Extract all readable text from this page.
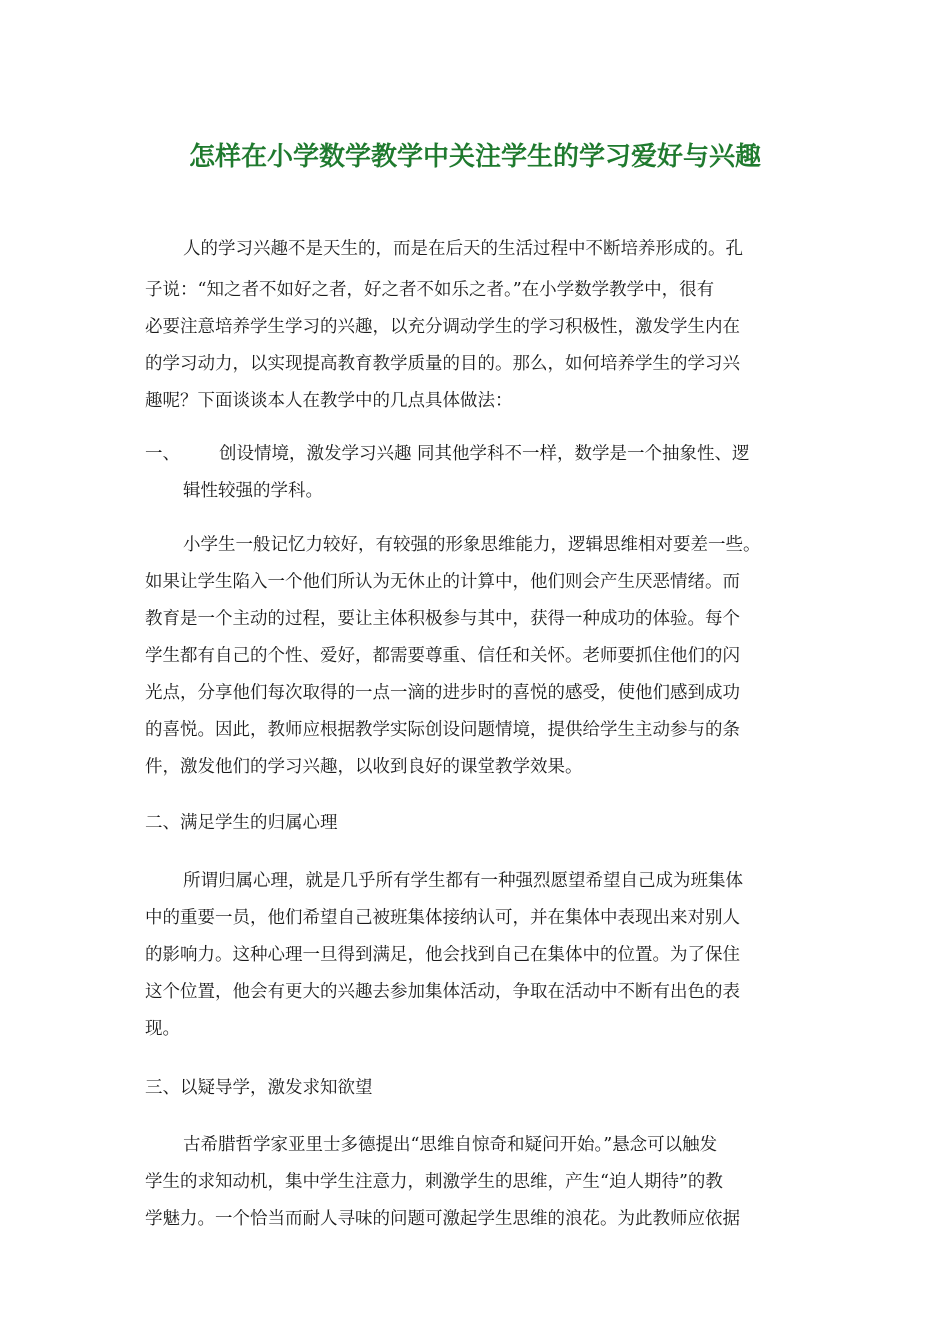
怎样在小学数学教学中关注学生的学习爱好与兴趣
人的学习兴趣不是天生的，而是在后天的生活过程中不断培养形成的。孔
子说：“知之者不如好之者，好之者不如乐之者。”在小学数学教学中，很有
必要注意培养学生学习的兴趣，以充分调动学生的学习积极性，激发学生内在
的学习动力，以实现提高教育教学质量的目的。那么，如何培养学生的学习兴
趣呢？下面谈谈本人在教学中的几点具体做法：
一、       创设情境，激发学习兴趣 同其他学科不一样，数学是一个抽象性、逻
辑性较强的学科。
小学生一般记忆力较好，有较强的形象思维能力，逻辑思维相对要差一些。
如果让学生陷入一个他们所认为无休止的计算中，他们则会产生厌恶情绪。而
教育是一个主动的过程，要让主体积极参与其中，获得一种成功的体验。每个
学生都有自己的个性、爱好，都需要尊重、信任和关怀。老师要抓住他们的闪
光点，分享他们每次取得的一点一滴的进步时的喜悦的感受，使他们感到成功
的喜悦。因此，教师应根据教学实际创设问题情境，提供给学生主动参与的条
件，激发他们的学习兴趣，以收到良好的课堂教学效果。
二、满足学生的归属心理
所谓归属心理，就是几乎所有学生都有一种强烈愿望希望自己成为班集体
中的重要一员，他们希望自己被班集体接纳认可，并在集体中表现出来对别人
的影响力。这种心理一旦得到满足，他会找到自己在集体中的位置。为了保住
这个位置，他会有更大的兴趣去参加集体活动，争取在活动中不断有出色的表
现。
三、以疑导学，激发求知欲望
古希腊哲学家亚里士多德提出“思维自惊奇和疑问开始。”悬念可以触发
学生的求知动机，集中学生注意力，刺激学生的思维，产生“迫人期待”的教
学魅力。一个恰当而耐人寻味的问题可激起学生思维的浪花。为此教师应依据
